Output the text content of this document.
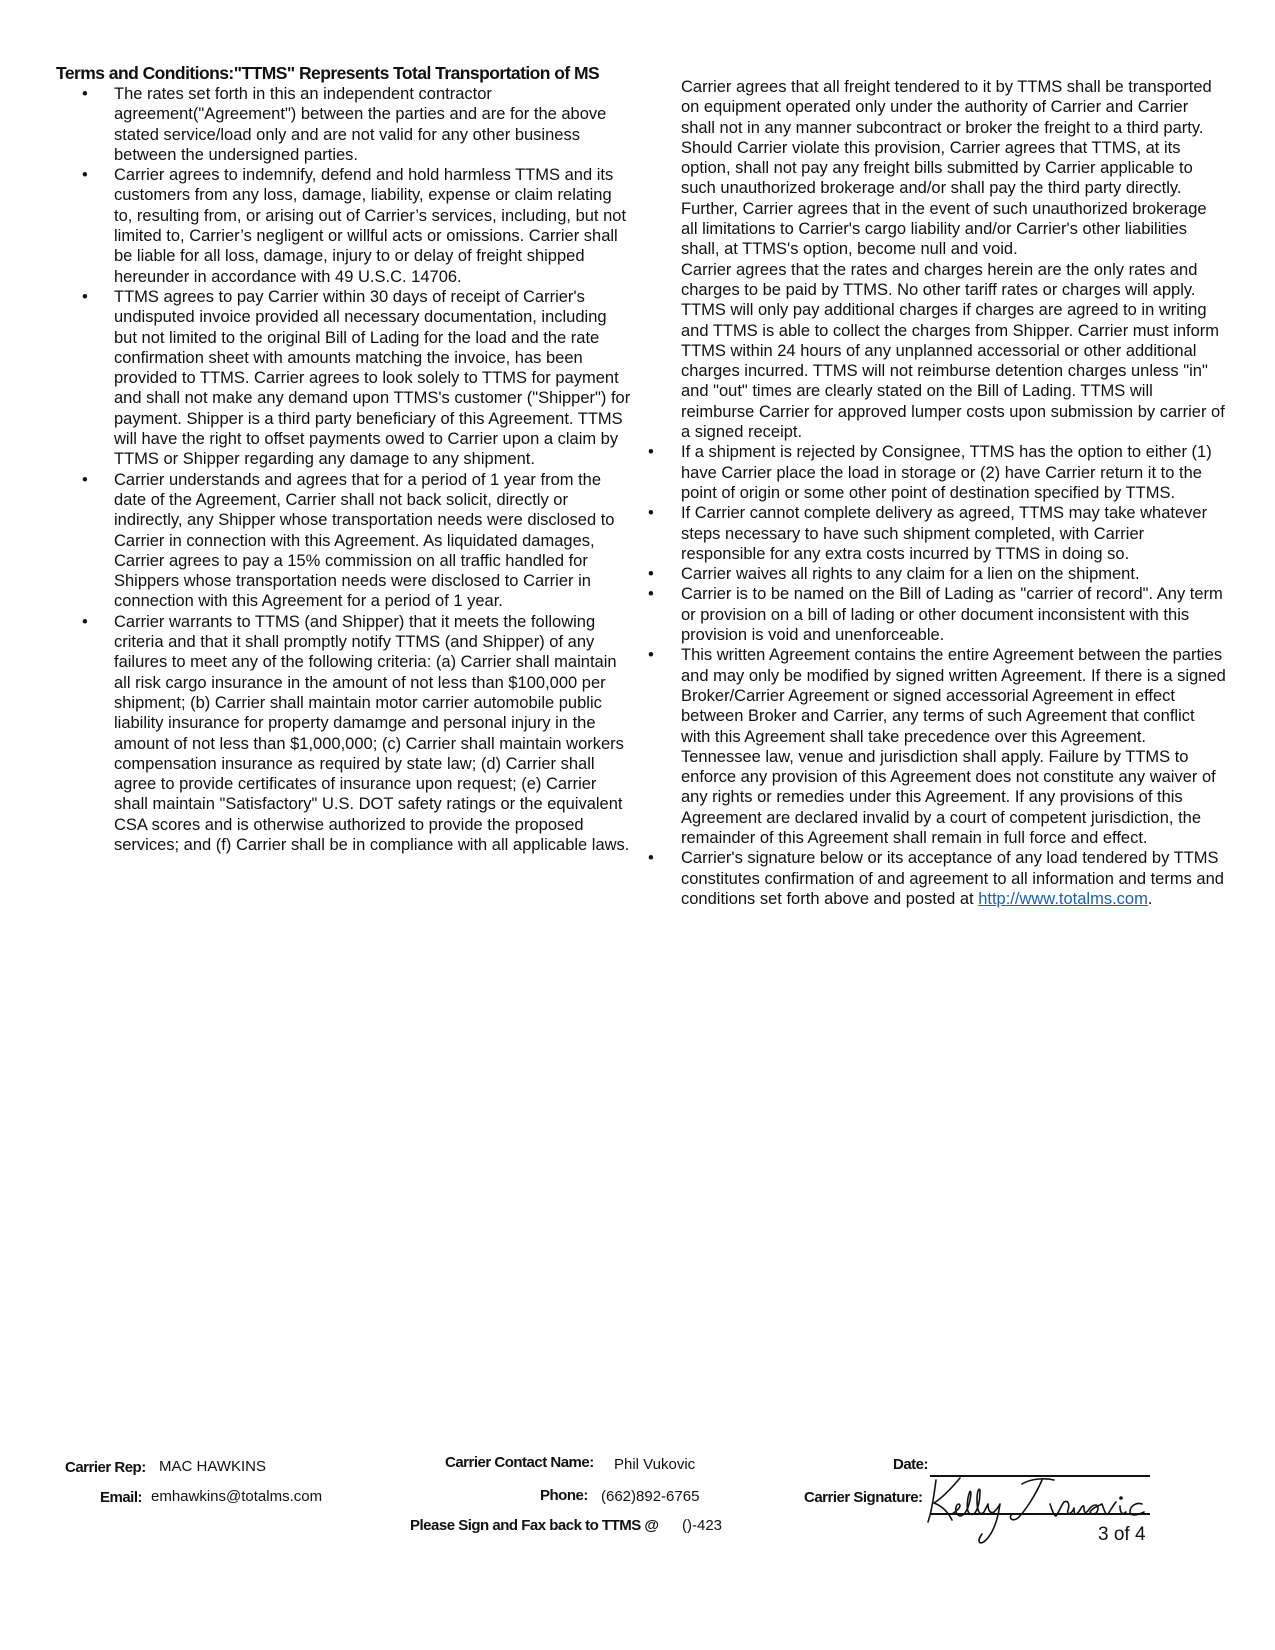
Terms and Conditions:"TTMS" Represents Total Transportation of MS
• The rates set forth in this an independent contractor agreement("Agreement") between the parties and are for the above stated service/load only and are not valid for any other business between the undersigned parties.
• Carrier agrees to indemnify, defend and hold harmless TTMS and its customers from any loss, damage, liability, expense or claim relating to, resulting from, or arising out of Carrier’s services, including, but not limited to, Carrier’s negligent or willful acts or omissions. Carrier shall be liable for all loss, damage, injury to or delay of freight shipped hereunder in accordance with 49 U.S.C. 14706.
• TTMS agrees to pay Carrier within 30 days of receipt of Carrier's undisputed invoice provided all necessary documentation, including but not limited to the original Bill of Lading for the load and the rate confirmation sheet with amounts matching the invoice, has been provided to TTMS. Carrier agrees to look solely to TTMS for payment and shall not make any demand upon TTMS's customer ("Shipper") for payment. Shipper is a third party beneficiary of this Agreement. TTMS will have the right to offset payments owed to Carrier upon a claim by TTMS or Shipper regarding any damage to any shipment.
• Carrier understands and agrees that for a period of 1 year from the date of the Agreement, Carrier shall not back solicit, directly or indirectly, any Shipper whose transportation needs were disclosed to Carrier in connection with this Agreement. As liquidated damages, Carrier agrees to pay a 15% commission on all traffic handled for Shippers whose transportation needs were disclosed to Carrier in connection with this Agreement for a period of 1 year.
• Carrier warrants to TTMS (and Shipper) that it meets the following criteria and that it shall promptly notify TTMS (and Shipper) of any failures to meet any of the following criteria: (a) Carrier shall maintain all risk cargo insurance in the amount of not less than $100,000 per shipment; (b) Carrier shall maintain motor carrier automobile public liability insurance for property damamge and personal injury in the amount of not less than $1,000,000; (c) Carrier shall maintain workers compensation insurance as required by state law; (d) Carrier shall agree to provide certificates of insurance upon request; (e) Carrier shall maintain "Satisfactory" U.S. DOT safety ratings or the equivalent CSA scores and is otherwise authorized to provide the proposed services; and (f) Carrier shall be in compliance with all applicable laws.

Carrier agrees that all freight tendered to it by TTMS shall be transported on equipment operated only under the authority of Carrier and Carrier shall not in any manner subcontract or broker the freight to a third party. Should Carrier violate this provision, Carrier agrees that TTMS, at its option, shall not pay any freight bills submitted by Carrier applicable to such unauthorized brokerage and/or shall pay the third party directly. Further, Carrier agrees that in the event of such unauthorized brokerage all limitations to Carrier's cargo liability and/or Carrier's other liabilities shall, at TTMS's option, become null and void.

Carrier agrees that the rates and charges herein are the only rates and charges to be paid by TTMS. No other tariff rates or charges will apply. TTMS will only pay additional charges if charges are agreed to in writing and TTMS is able to collect the charges from Shipper. Carrier must inform TTMS within 24 hours of any unplanned accessorial or other additional charges incurred. TTMS will not reimburse detention charges unless "in" and "out" times are clearly stated on the Bill of Lading. TTMS will reimburse Carrier for approved lumper costs upon submission by carrier of a signed receipt.

• If a shipment is rejected by Consignee, TTMS has the option to either (1) have Carrier place the load in storage or (2) have Carrier return it to the point of origin or some other point of destination specified by TTMS.
• If Carrier cannot complete delivery as agreed, TTMS may take whatever steps necessary to have such shipment completed, with Carrier responsible for any extra costs incurred by TTMS in doing so.
• Carrier waives all rights to any claim for a lien on the shipment.
• Carrier is to be named on the Bill of Lading as "carrier of record". Any term or provision on a bill of lading or other document inconsistent with this provision is void and unenforceable.
• This written Agreement contains the entire Agreement between the parties and may only be modified by signed written Agreement. If there is a signed Broker/Carrier Agreement or signed accessorial Agreement in effect between Broker and Carrier, any terms of such Agreement that conflict with this Agreement shall take precedence over this Agreement. Tennessee law, venue and jurisdiction shall apply. Failure by TTMS to enforce any provision of this Agreement does not constitute any waiver of any rights or remedies under this Agreement. If any provisions of this Agreement are declared invalid by a court of competent jurisdiction, the remainder of this Agreement shall remain in full force and effect.
• Carrier's signature below or its acceptance of any load tendered by TTMS constitutes confirmation of and agreement to all information and terms and conditions set forth above and posted at http://www.totalms.com.
Carrier Rep: MAC HAWKINS
Email: emhawkins@totalms.com
Carrier Contact Name: Phil Vukovic
Phone: (662)892-6765
Please Sign and Fax back to TTMS @ ()-423
Date:
Carrier Signature:
3 of 4
